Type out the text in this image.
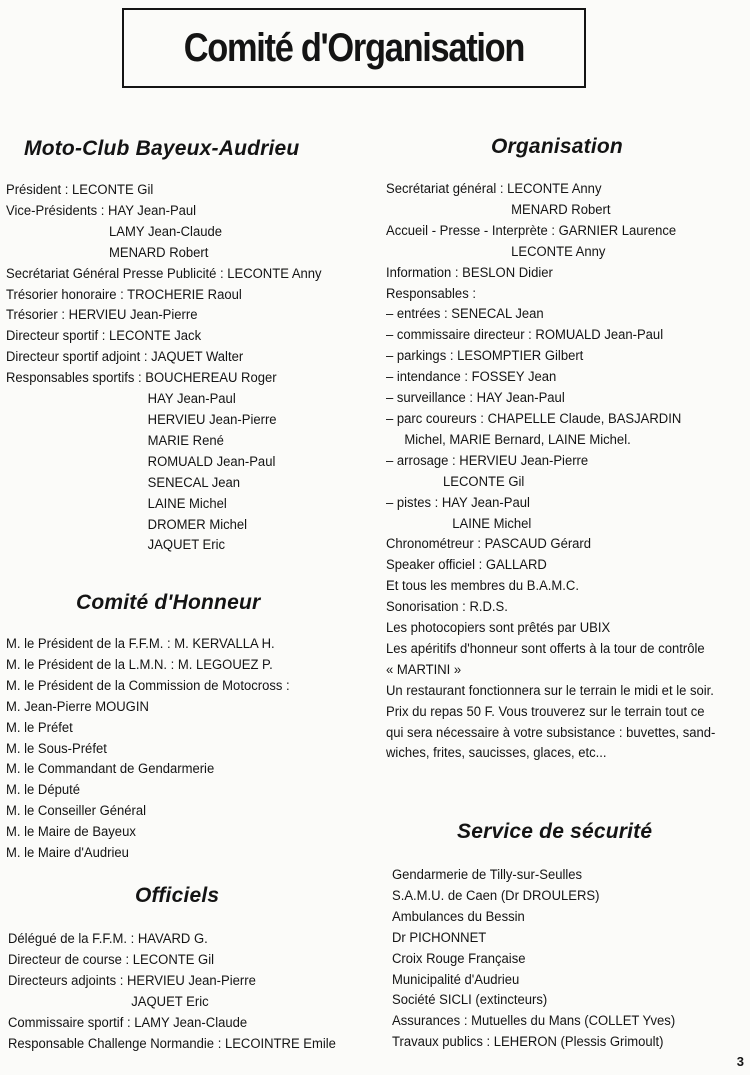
Comité d'Organisation
Moto-Club Bayeux-Audrieu
Président : LECONTE Gil
Vice-Présidents : HAY Jean-Paul
LAMY Jean-Claude
MENARD Robert
Secrétariat Général Presse Publicité : LECONTE Anny
Trésorier honoraire : TROCHERIE Raoul
Trésorier : HERVIEU Jean-Pierre
Directeur sportif : LECONTE Jack
Directeur sportif adjoint : JAQUET Walter
Responsables sportifs : BOUCHEREAU Roger
HAY Jean-Paul
HERVIEU Jean-Pierre
MARIE René
ROMUALD Jean-Paul
SENECAL Jean
LAINE Michel
DROMER Michel
JAQUET Eric
Comité d'Honneur
M. le Président de la F.F.M. : M. KERVALLA H.
M. le Président de la L.M.N. : M. LEGOUEZ P.
M. le Président de la Commission de Motocross :
M. Jean-Pierre MOUGIN
M. le Préfet
M. le Sous-Préfet
M. le Commandant de Gendarmerie
M. le Député
M. le Conseiller Général
M. le Maire de Bayeux
M. le Maire d'Audrieu
Officiels
Délégué de la F.F.M. : HAVARD G.
Directeur de course : LECONTE Gil
Directeurs adjoints : HERVIEU Jean-Pierre
JAQUET Eric
Commissaire sportif : LAMY Jean-Claude
Responsable Challenge Normandie : LECOINTRE Emile
Organisation
Secrétariat général : LECONTE Anny
MENARD Robert
Accueil - Presse - Interprète : GARNIER Laurence
LECONTE Anny
Information : BESLON Didier
Responsables :
– entrées : SENECAL Jean
– commissaire directeur : ROMUALD Jean-Paul
– parkings : LESOMPTIER Gilbert
– intendance : FOSSEY Jean
– surveillance : HAY Jean-Paul
– parc coureurs : CHAPELLE Claude, BASJARDIN
Michel, MARIE Bernard, LAINE Michel.
– arrosage : HERVIEU Jean-Pierre
LECONTE Gil
– pistes : HAY Jean-Paul
LAINE Michel
Chronométreur : PASCAUD Gérard
Speaker officiel : GALLARD
Et tous les membres du B.A.M.C.
Sonorisation : R.D.S.
Les photocopiers sont prêtés par UBIX
Les apéritifs d'honneur sont offerts à la tour de contrôle
« MARTINI »
Un restaurant fonctionnera sur le terrain le midi et le soir.
Prix du repas 50 F. Vous trouverez sur le terrain tout ce
qui sera nécessaire à votre subsistance : buvettes, sand-
wiches, frites, saucisses, glaces, etc...
Service de sécurité
Gendarmerie de Tilly-sur-Seulles
S.A.M.U. de Caen (Dr DROULERS)
Ambulances du Bessin
Dr PICHONNET
Croix Rouge Française
Municipalité d'Audrieu
Société SICLI (extincteurs)
Assurances : Mutuelles du Mans (COLLET Yves)
Travaux publics : LEHERON (Plessis Grimoult)
3
